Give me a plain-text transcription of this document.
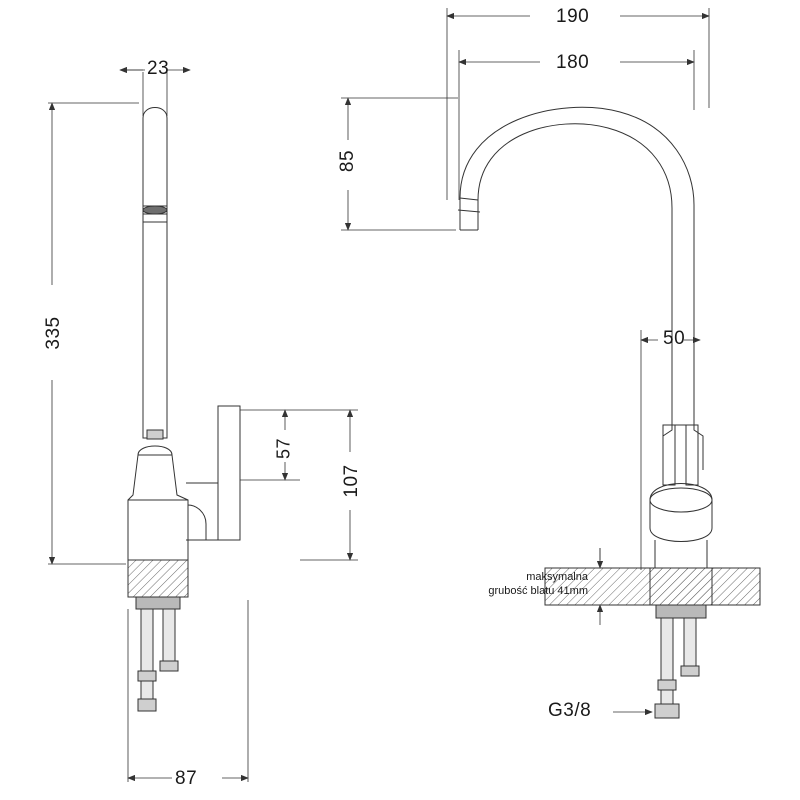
23
335
57
107
87
190
180
85
50
G3/8
maksymalna
grubość blatu 41mm
